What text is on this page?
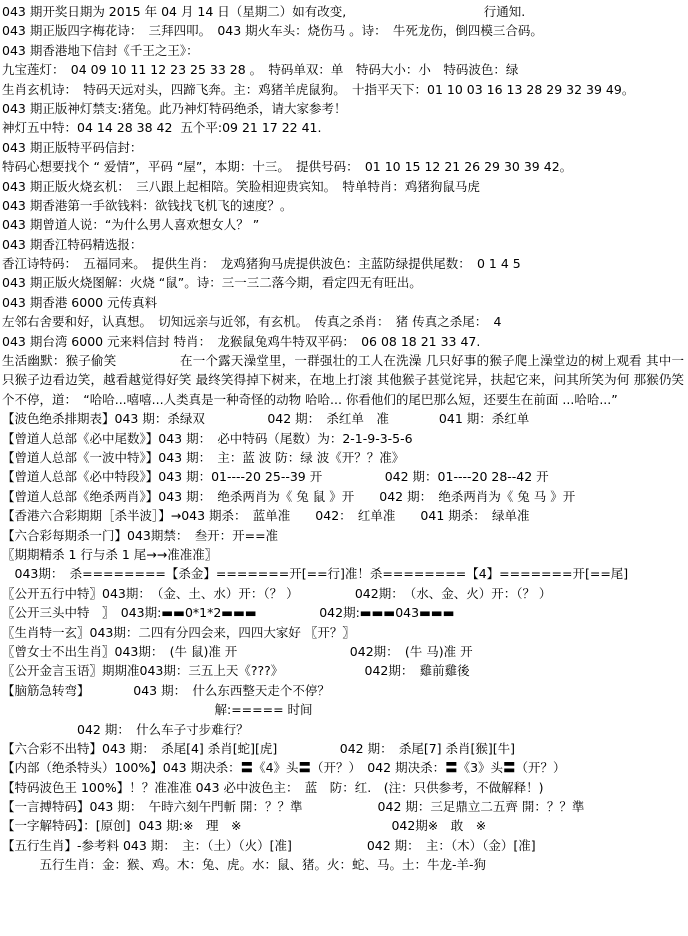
043 期开奖日期为 2015 年 04 月 14 日（星期二）如有改变,　　　　　　　　　　　行通知.
043 期正版四字梅花诗：　三拜四叩。　043 期火车头：烧伤马 。诗：　牛死龙伤，倒四模三合码。
043 期香港地下信封《千王之王》：
九宝莲灯：　04 09 10 11 12 23 25 33 28 。　特码单双：单　特码大小：小　特码波色：绿
生肖玄机诗：　特码天远对头，四蹄飞奔。主：鸡猪羊虎鼠狗。　十指平天下：01 10 03 16 13 28 29 32 39 49。
043 期正版神灯禁支:猪兔。此乃神灯特码绝杀，请大家参考！
神灯五中特：04 14 28 38 42  五个平:09 21 17 22 41.
043 期正版特平码信封：
特码心想要找个 “ 爱情”，平码 “屋”，本期：十三。　提供号码：　01 10 15 12 21 26 29 30 39 42。
043 期正版火烧玄机：　三八跟上起相陪。笑脸相迎贵宾知。　特单特肖：鸡猪狗鼠马虎
043 期香港第一手欲钱料：欲钱找飞机飞的速度？。
043 期曾道人说：“为什么男人喜欢想女人？ ”
043 期香江特码精选报：
香江诗特码：　五福同来。　提供生肖：　龙鸡猪狗马虎提供波色：主蓝防绿提供尾数：　0 1 4 5
043 期正版火烧图解：火烧 “鼠”。诗：三一三二落今期，看定四无有旺出。
043 期香港 6000 元传真料
左邻右舍要和好，认真想。　切知远亲与近邻，有玄机。　传真之杀肖：　猪 传真之杀尾：　4
043 期台湾 6000 元来料信封 特肖：　龙猴鼠兔鸡牛特双平码：　06 08 18 21 33 47.
生活幽默：猴子偷笑　　　　　	在一个露天澡堂里，一群强壮的工人在洗澡 几只好事的猴子爬上澡堂边的树上观看 其中一只猴子边看边笑，越看越觉得好笑 最终笑得掉下树来，在地上打滚 其他猴子甚觉诧异，扶起它来，问其所笑为何 那猴仍笑个不停，道：　“哈哈...嘻嘻...人类真是一种奇怪的动物 哈哈... 你看他们的尾巴那么短，还要生在前面 ...哈哈...”
【波色绝杀排期表】043 期：杀绿双　　　　　042 期：　杀红单　准　　　　041 期：杀红单
【曾道人总部《必中尾数》】043 期：　必中特码（尾数）为：2-1-9-3-5-6
【曾道人总部《一波中特》】043 期：　主：蓝 波 防：绿 波《开？？准》
【曾道人总部《必中特段》】043 期：01----20 25--39 开　　　　　042 期：01----20 28--42 开
【曾道人总部《绝杀两肖》】043 期：　绝杀两肖为《 兔 鼠 》开　　042 期：　绝杀两肖为《 兔 马 》开
【香港六合彩期期［杀半波］】→043 期杀：　蓝单准　　042：　红单准　　041 期杀：　绿单准
【六合彩每期杀一门】043期禁：　叁开：开==准
〖期期精杀 1 行与杀 1 尾→→准准准〗
　043期：　杀========【杀金】=======开[==行]准！杀========【4】=======开[==尾]
〖公开五行中特〗043期：　（金、土、水）开：（？ ）　　　　　042期：　（水、金、火）开：（？ ）
〖公开三头中特　〗　043期:▬▬0*1*2▬▬▬　　　　　042期:▬▬▬043▬▬▬
〖生肖特一玄〗043期：二四有分四会来，四四大家好 〖开？〗
〖曾女士不出生肖〗043期：　(牛 鼠)准 开　　　　　　　　　042期：　(牛 马)准 开
〖公开金言玉语〗期期准043期：三五上天《???》　　　　　　　042期：　雞前雞後
【脑筋急转弯】　　　　043 期：　什么东西整天走个不停？
　　　　　　　　　　　　　　　　　解:===== 时间
　　　　　　042 期：　什么车子寸步难行？
【六合彩不出特】043 期：　杀尾[4] 杀肖[蛇][虎]　　　　　042 期：　杀尾[7] 杀肖[猴][牛]
【内部（绝杀特头）100%】043 期决杀：〓《4》头〓（开？）　042 期决杀：〓《3》头〓（开？）
【特码波色王 100%】！？准准准 043 必中波色主：　蓝　防：红.　(注：只供参考，不做解释！)
【一言搏特码】043 期：　午時六刻午門斬 開：？？準　　　　　　042 期：三足鼎立二五齊 開：？？準
【一字解特码】：[原创]  043 期:※　理　※　　　　　　　　　　　　042期※　敢　※
【五行生肖】-参考料 043 期：　主：（土）（火）[准]　　　　　　042 期：　主：（木）（金）[准]
　　　五行生肖：金：猴、鸡。木：兔、虎。水：鼠、猪。火：蛇、马。土：牛龙-羊-狗
